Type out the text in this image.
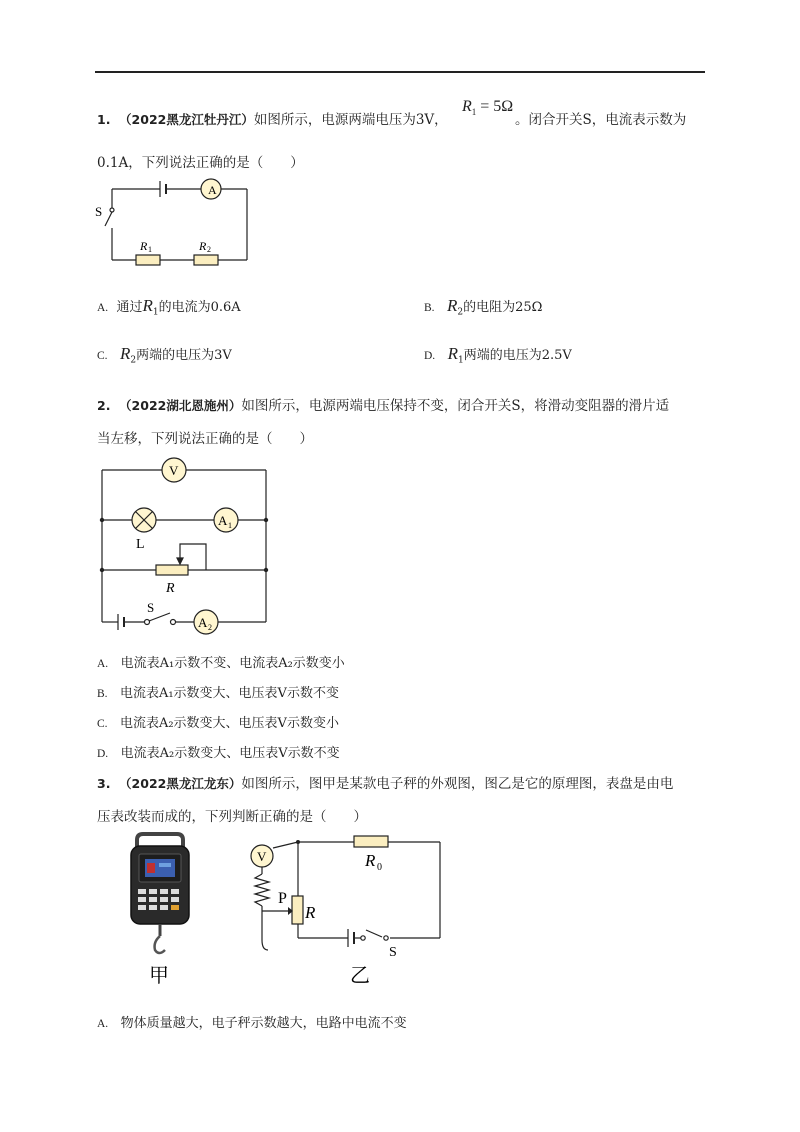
1. （2022黑龙江牡丹江）如图所示，电源两端电压为3V，
$R_1 = 5\Omega$
。闭合开关S，电流表示数为
0.1A，下列说法正确的是（　　）
A
S
R 1	R 2
A. 通过$R_1$的电流为0.6A	B. $R_2$的电阻为25Ω
C. $R_2$两端的电压为3V	D. $R_1$两端的电压为2.5V
2. （2022湖北恩施州）如图所示，电源两端电压保持不变，闭合开关S，将滑动变阻器的滑片适
当左移，下列说法正确的是（　　）
V
A 1
L
R
S
A 2
A. 电流表A₁示数不变、电流表A₂示数变小
B. 电流表A₁示数变大、电压表V示数不变
C. 电流表A₂示数变大、电压表V示数变小
D. 电流表A₂示数变大、电压表V示数不变
3. （2022黑龙江龙东）如图所示，图甲是某款电子秤的外观图，图乙是它的原理图，表盘是由电
压表改装而成的，下列判断正确的是（　　）
甲
V	R 0
P
R
S
乙
A. 物体质量越大，电子秤示数越大，电路中电流不变
